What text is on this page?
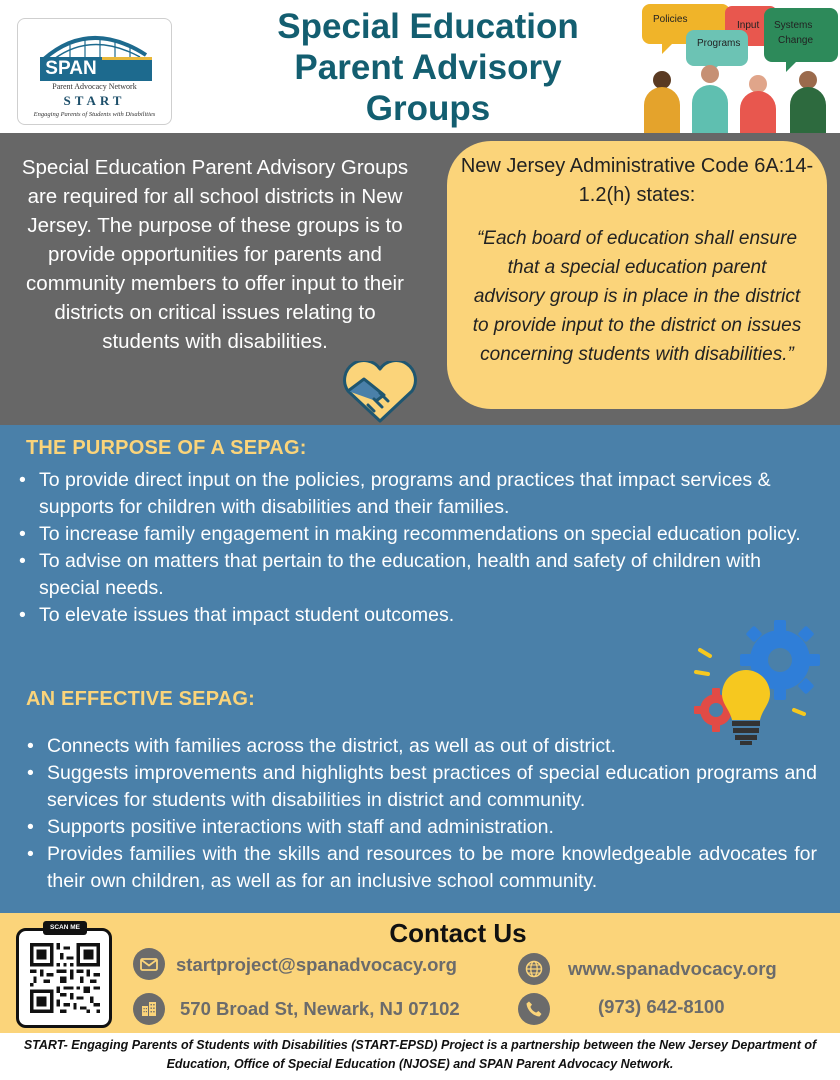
SPAN
Parent Advocacy Network
START
Engaging Parents of Students with Disabilities
Special Education
Parent Advisory
Groups
Policies
Input Systems
Change
Programs

Special Education Parent Advisory Groups are required for all school districts in New Jersey. The purpose of these groups is to provide opportunities for parents and community members to offer input to their districts on critical issues relating to students with disabilities.

New Jersey Administrative Code 6A:14-1.2(h) states:

“Each board of education shall ensure that a special education parent advisory group is in place in the district to provide input to the district on issues concerning students with disabilities.”

THE PURPOSE OF A SEPAG:
• To provide direct input on the policies, programs and practices that impact services & supports for children with disabilities and their families.
• To increase family engagement in making recommendations on special education policy.
• To advise on matters that pertain to the education, health and safety of children with special needs.
• To elevate issues that impact student outcomes.
AN EFFECTIVE SEPAG:
• Connects with families across the district, as well as out of district.
• Suggests improvements and highlights best practices of special education programs and services for students with disabilities in district and community.
• Supports positive interactions with staff and administration.
• Provides families with the skills and resources to be more knowledgeable advocates for their own children, as well as for an inclusive school community.
SCAN ME	Contact Us
startproject@spanadvocacy.org	www.spanadvocacy.org
570 Broad St, Newark, NJ 07102	(973) 642-8100

START- Engaging Parents of Students with Disabilities (START-EPSD) Project is a partnership between the New Jersey Department of Education, Office of Special Education (NJOSE) and SPAN Parent Advocacy Network.
